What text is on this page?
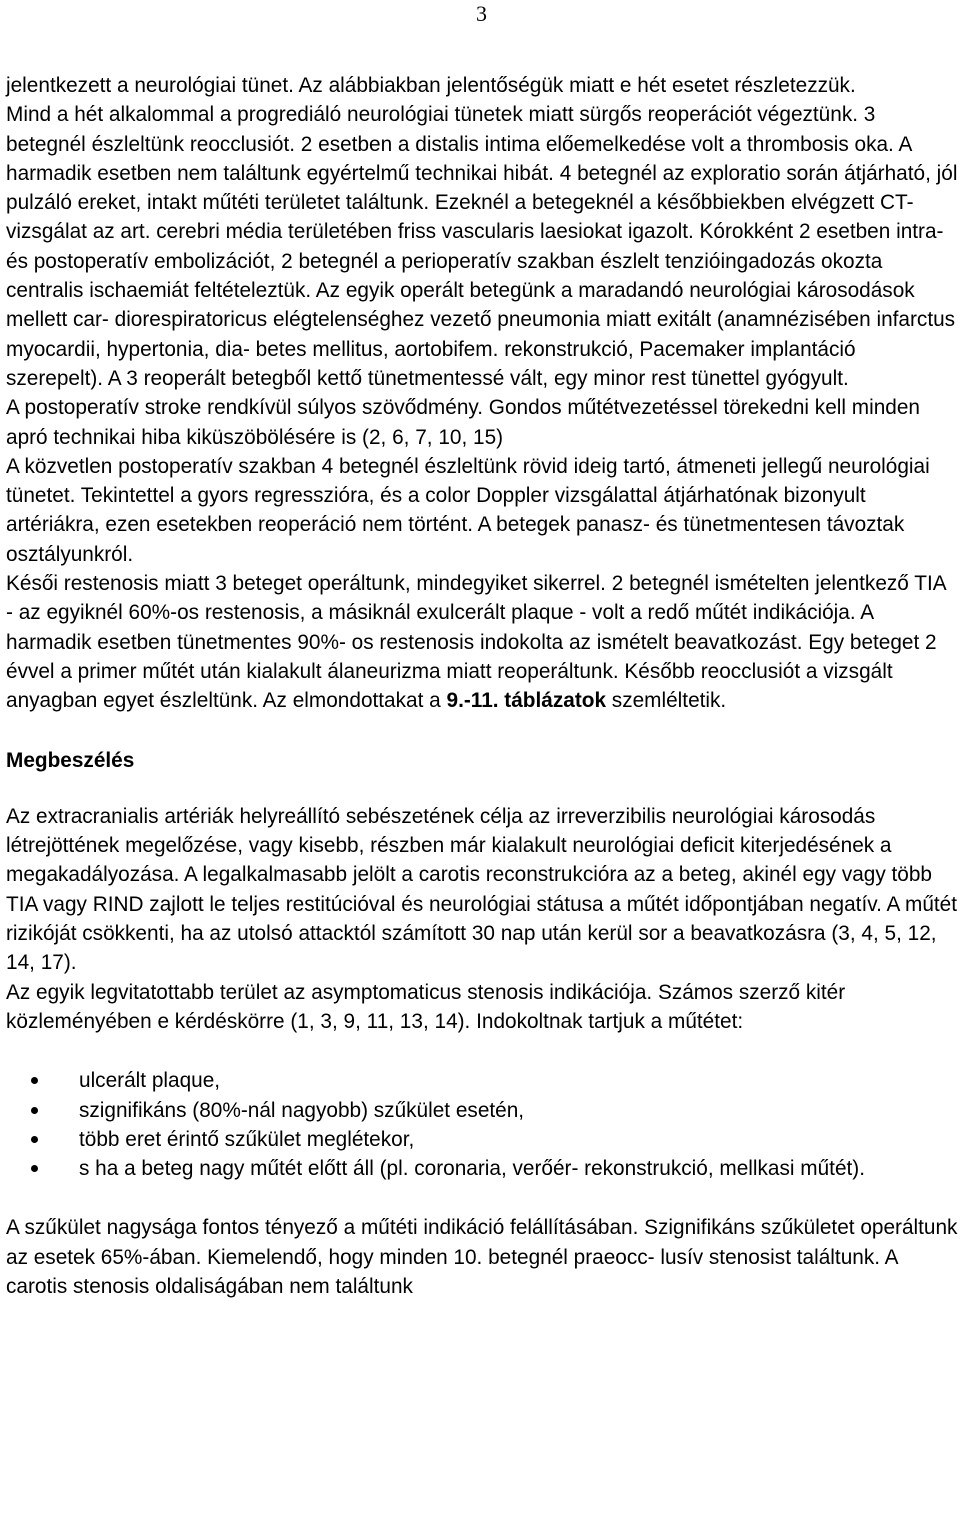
3

jelentkezett a neurológiai tünet. Az alábbiakban jelentőségük miatt e hét esetet részletezzük.

Mind a hét alkalommal a progrediáló neurológiai tünetek miatt sürgős reoperációt végeztünk. 3 betegnél észleltünk reocclusiót. 2 esetben a distalis intima előemelkedése volt a thrombosis oka. A harmadik esetben nem találtunk egyértelmű technikai hibát. 4 betegnél az exploratio során átjárható, jól pulzáló ereket, intakt műtéti területet találtunk. Ezeknél a betegeknél a későbbiekben elvégzett CT-vizsgálat az art. cerebri média területében friss vascularis laesiokat igazolt. Kórokként 2 esetben intra- és postoperatív embolizációt, 2 betegnél a perioperatív szakban észlelt tenzióingadozás okozta centralis ischaemiát feltételeztük. Az egyik operált betegünk a maradandó neurológiai károsodások mellett car- diorespiratoricus elégtelenséghez vezető pneumonia miatt exitált (anamnézisében infarctus myocardii, hypertonia, dia- betes mellitus, aortobifem. rekonstrukció, Pacemaker implantáció szerepelt). A 3 reoperált betegből kettő tünetmentessé vált, egy minor rest tünettel gyógyult.

A postoperatív stroke rendkívül súlyos szövődmény. Gondos műtétvezetéssel törekedni kell minden apró technikai hiba kiküszöbölésére is (2, 6, 7, 10, 15)

A közvetlen postoperatív szakban 4 betegnél észleltünk rövid ideig tartó, átmeneti jellegű neurológiai tünetet. Tekintettel a gyors regresszióra, és a color Doppler vizsgálattal átjárhatónak bizonyult artériákra, ezen esetekben reoperáció nem történt. A betegek panasz- és tünetmentesen távoztak osztályunkról.

Késői restenosis miatt 3 beteget operáltunk, mindegyiket sikerrel. 2 betegnél ismételten jelentkező TIA - az egyiknél 60%-os restenosis, a másiknál exulcerált plaque - volt a redő műtét indikációja. A harmadik esetben tünetmentes 90%- os restenosis indokolta az ismételt beavatkozást. Egy beteget 2 évvel a primer műtét után kialakult álaneurizma miatt reoperáltunk. Később reocclusiót a vizsgált anyagban egyet észleltünk. Az elmondottakat a 9.-11. táblázatok szemléltetik.

Megbeszélés

Az extracranialis artériák helyreállító sebészetének célja az irreverzibilis neurológiai károsodás létrejöttének megelőzése, vagy kisebb, részben már kialakult neurológiai deficit kiterjedésének a megakadályozása. A legalkalmasabb jelölt a carotis reconstrukcióra az a beteg, akinél egy vagy több TIA vagy RIND zajlott le teljes restitúcióval és neurológiai státusa a műtét időpontjában negatív. A műtét rizikóját csökkenti, ha az utolsó attacktól számított 30 nap után kerül sor a beavatkozásra (3, 4, 5, 12, 14, 17).

Az egyik legvitatottabb terület az asymptomaticus stenosis indikációja. Számos szerző kitér közleményében e kérdéskörre (1, 3, 9, 11, 13, 14). Indokoltnak tartjuk a műtétet:

ulcerált plaque,
szignifikáns (80%-nál nagyobb) szűkület esetén,
több eret érintő szűkület meglétekor,
s ha a beteg nagy műtét előtt áll (pl. coronaria, verőér- rekonstrukció, mellkasi műtét).

A szűkület nagysága fontos tényező a műtéti indikáció felállításában. Szignifikáns szűkületet operáltunk az esetek 65%-ában. Kiemelendő, hogy minden 10. betegnél praeocc- lusív stenosist találtunk. A carotis stenosis oldaliságában nem találtunk
